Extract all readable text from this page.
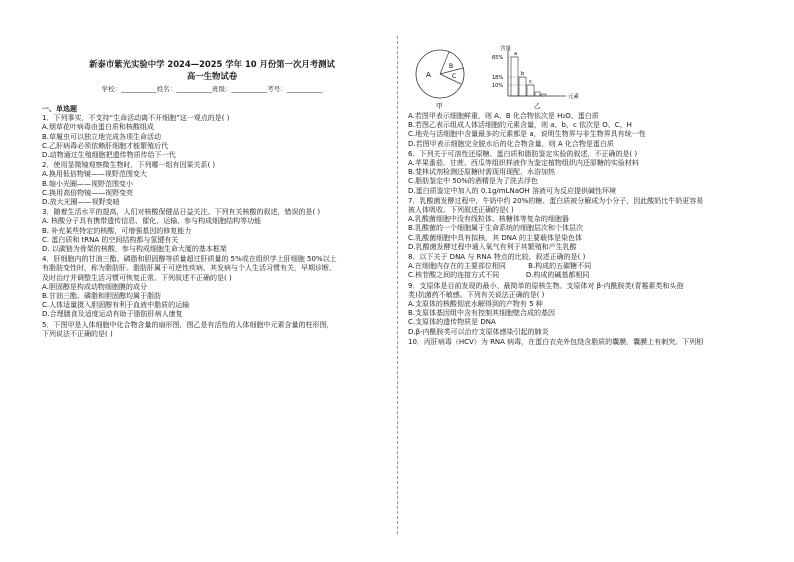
新泰市紫光实验中学 2024—2025 学年 10 月份第一次月考测试
高一生物试卷
学校：___________姓名：___________班级：___________考号：___________
一、单选题
1．下列事实，不支持“生命活动离不开细胞”这一观点的是( )
A.烟草花叶病毒由蛋白质和核酸组成
B.草履虫可以独立地完成各项生命活动
C.乙肝病毒必须依赖肝细胞才能繁殖后代
D.动物通过生殖细胞把遗传物质传给下一代
2．使用显微镜观察微生物时，下列哪一组有因果关系( )
A.换用低倍物镜——视野范围变大
B.缩小光圈——视野范围变小
C.换用高倍物镜——视野变亮
D.放大光圈——视野变暗
3．随着生活水平的提高，人们对核酸保健品日益关注。下列有关核酸的叙述，错误的是( )
A. 核酸分子具有携带遗传信息、催化、运输、参与构成细胞结构等功能
B. 补充某些特定的核酸，可增强基因的修复能力
C. 蛋白质和 tRNA 的空间结构都与氢键有关
D. 以碳链为骨架的核酸，参与构成细胞生命大厦的基本框架
4．肝细胞内的甘油三酯、磷脂和胆固醇等质量超过肝质量的 5%或在组织学上肝细胞 50%以上
有脂肪变性时，称为脂肪肝。脂肪肝属于可逆性疾病，其发病与个人生活习惯有关，早期诊断、
及时治疗并调整生活习惯可恢复正常。下列叙述不正确的是( )
A.胆固醇是构成动物细胞膜的成分
B.甘油三酯、磷脂和胆固醇均属于脂肪
C.人体适量摄入胆固醇有利于血液中脂质的运输
D.合理膳食及适度运动有助于脂肪肝病人康复
5．下图甲是人体细胞中化合物含量的扇形图，图乙是有活性的人体细胞中元素含量的柱形图，
下列说法不正确的是( )
A
B
C
甲
含量
65%
18%
10%
a
b
c
元素
乙
A.若图甲表示细胞鲜重，则 A、B 化合物依次是 H₂O、蛋白质
B.若图乙表示组成人体活细胞的元素含量，则 a、b、c 依次是 O、C、H
C.地壳与活细胞中含量最多的元素都是 a，说明生物界与非生物界具有统一性
D.若图甲表示细胞完全脱水后的化合物含量，则 A 化合物是蛋白质
6．下列关于可溶性还原糖、蛋白质和脂肪鉴定实验的叙述，不正确的是( )
A.苹果番茄、甘蔗、西瓜等组织样液作为鉴定植物组织内还原糖的实验材料
B.斐林试剂检测还原糖时需现用现配，水浴加热
C.脂肪鉴定中 50%的酒精是为了洗去浮色
D.蛋白质鉴定中加入的 0.1g/mLNaOH 溶液可为反应提供碱性环境
7．乳酸菌发酵过程中，牛奶中约 20%的糖、蛋白质被分解成为小分子，因此酸奶比牛奶更容易
被人体吸收。下列叙述正确的是( )
A.乳酸菌细胞中没有线粒体、核糖体等复杂的细胞器
B.乳酸菌的一个细胞属于生命系统的细胞层次和个体层次
C.乳酸菌细胞中具有拟核，其 DNA 的主要载体是染色体
D.乳酸菌发酵过程中通入氧气有利于其繁殖和产生乳酸
8．以下关于 DNA 与 RNA 特点的比较，叙述正确的是( )
A.在细胞内存在的主要部位相同          B.构成的五碳糖不同
C.核苷酸之间的连接方式不同            D.构成的碱基都相同
9．支原体是目前发现的最小、最简单的原核生物。支原体对 β-内酰胺类(青霉素类和头孢
类)抗菌药不敏感。下列有关说法正确的是( )
A.支原体的核酸彻底水解得到的产物有 5 种
B.支原体基因组中含有控制其细胞壁合成的基因
C.支原体的遗传物质是 DNA
D.β-内酰胺类可以治疗支原体感染引起的肺炎
10．丙肝病毒（HCV）为 RNA 病毒，在蛋白衣壳外包绕含脂质的囊膜，囊膜上有刺突。下列相
